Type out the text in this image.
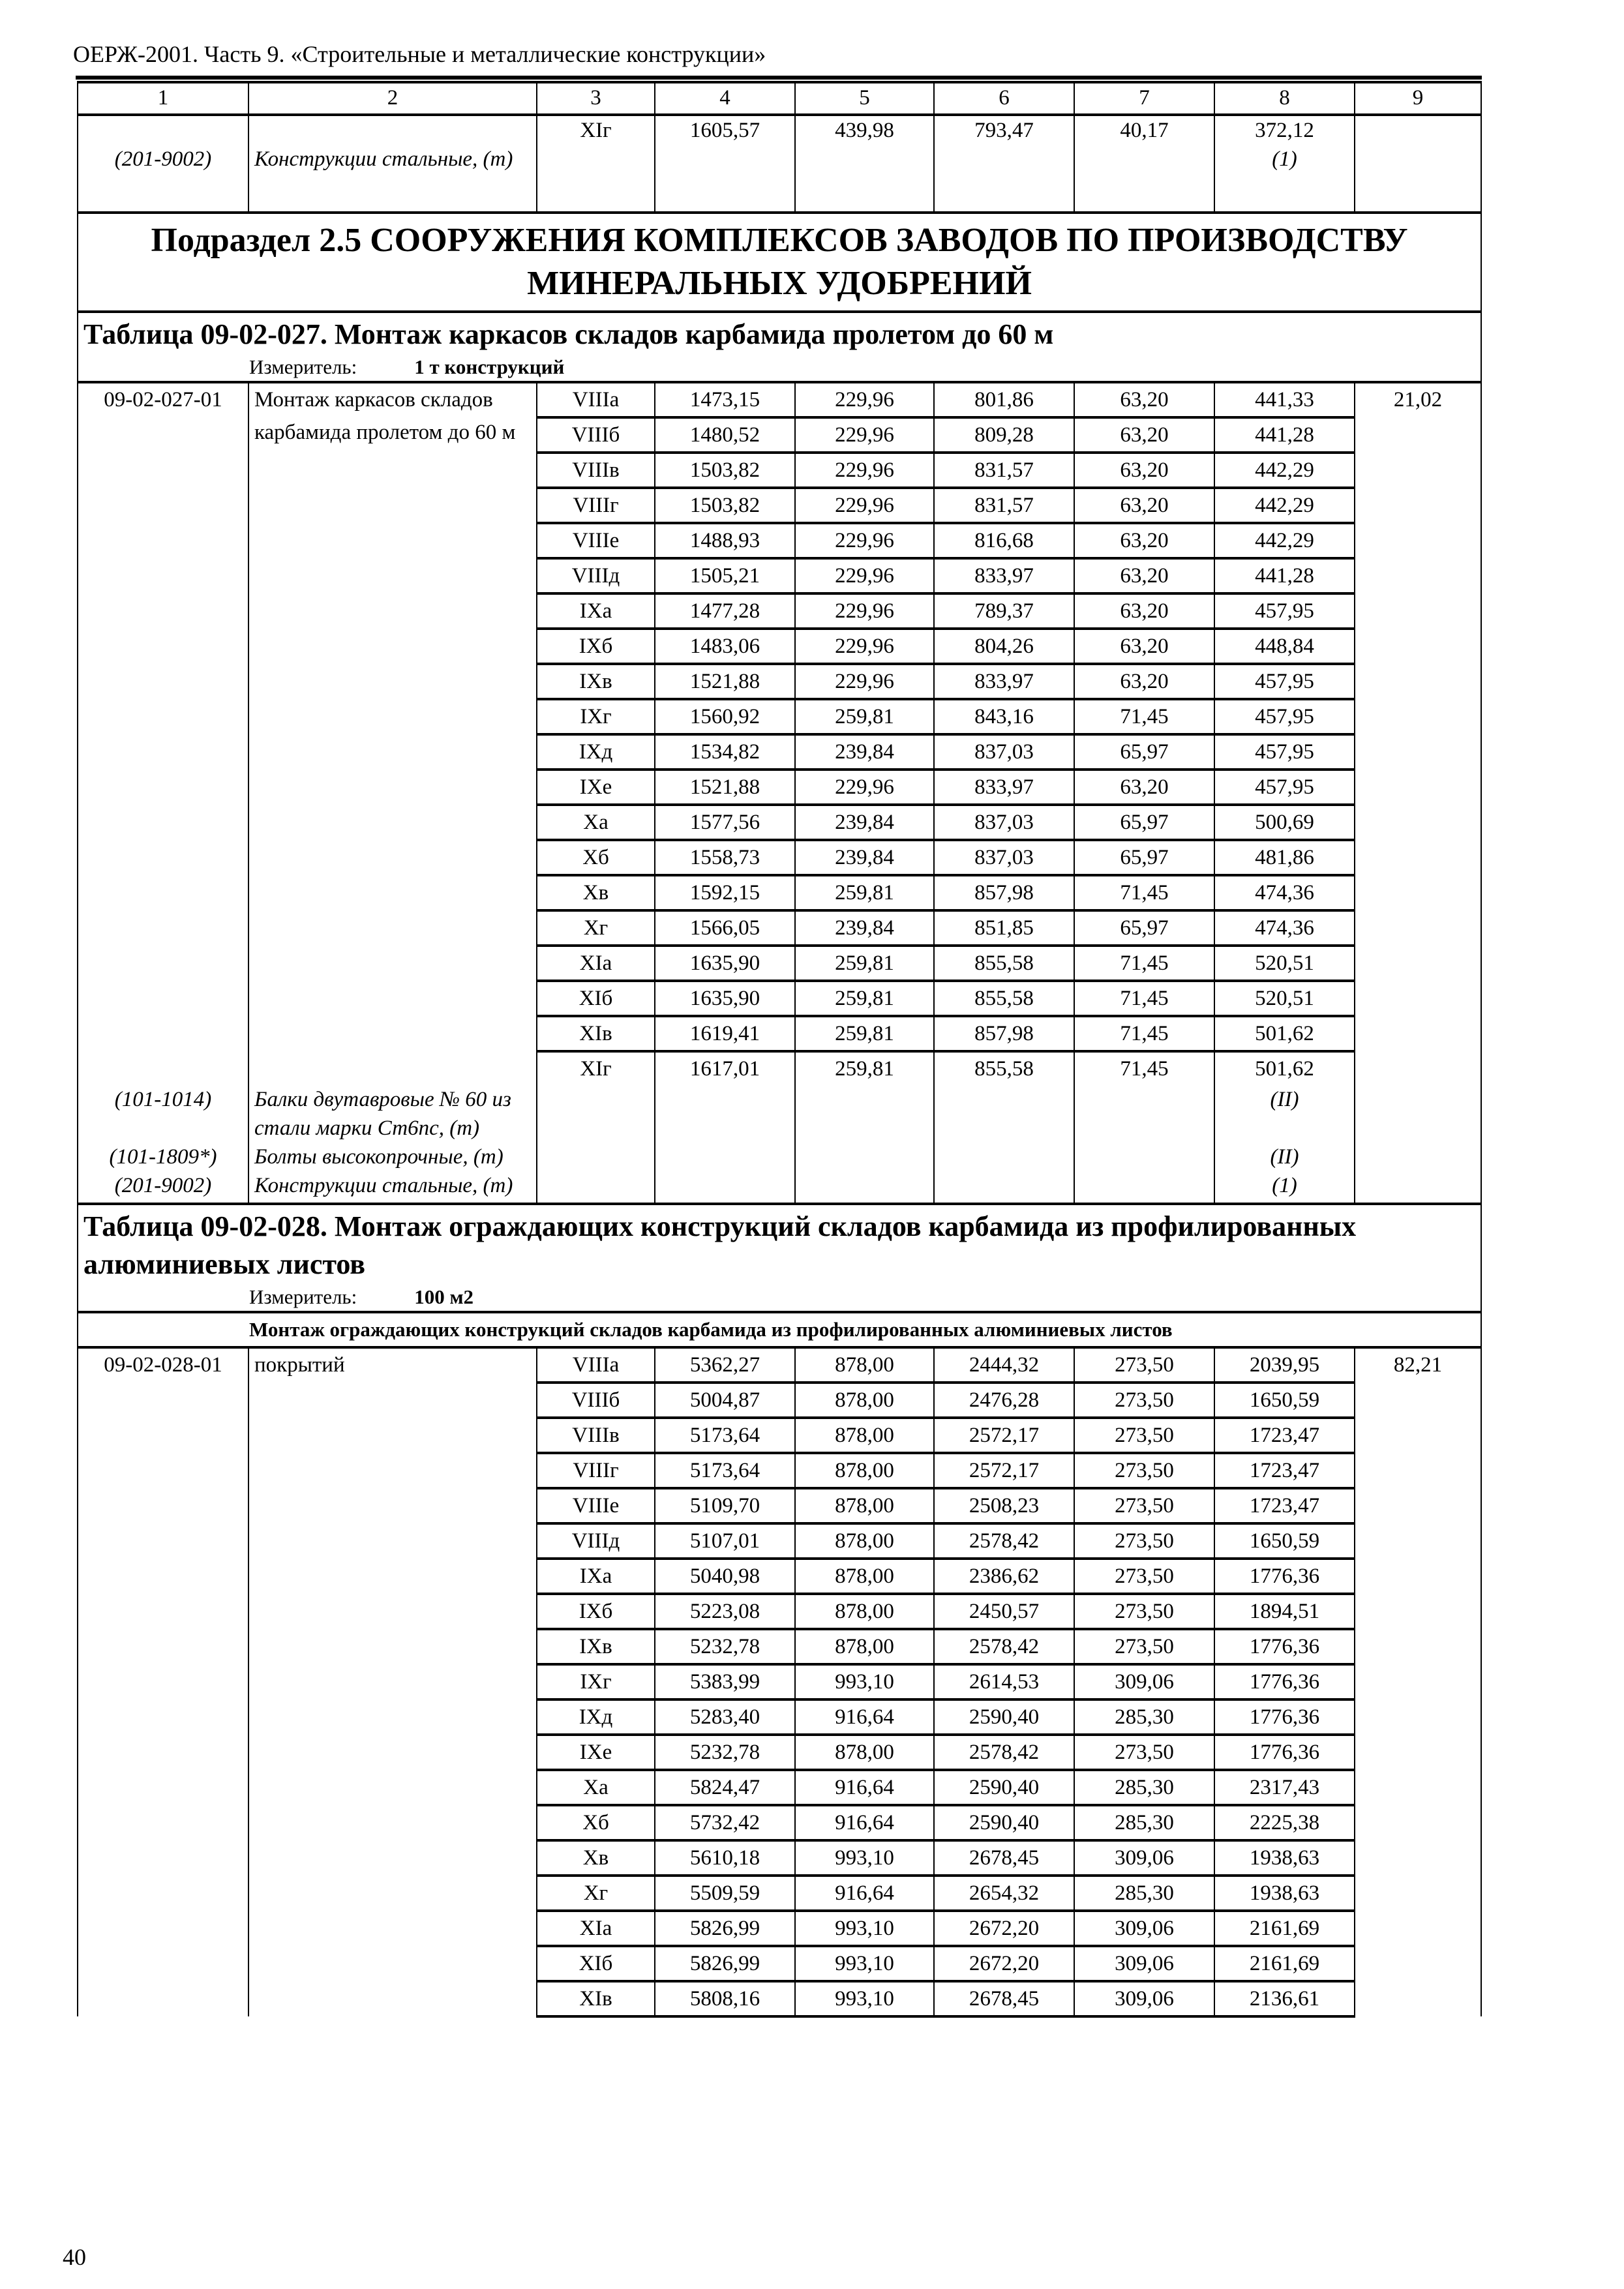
ОЕРЖ-2001. Часть 9. «Строительные и металлические конструкции»
1	2	3	4	5	6	7	8	9
(201-9002)	Конструкции стальные, (т)	XIг	1605,57	439,98	793,47	40,17	372,12
(1)	

Подраздел 2.5 СООРУЖЕНИЯ КОМПЛЕКСОВ ЗАВОДОВ ПО ПРОИЗВОДСТВУ МИНЕРАЛЬНЫХ УДОБРЕНИЙ								
Таблица 09-02-027. Монтаж каркасов складов карбамида пролетом до 60 м								
Измеритель: 1 т конструкций								
09-02-027-01	Монтаж каркасов складов карбамида пролетом до 60 м	VIIIа	1473,15	229,96	801,86	63,20	441,33	21,02
		VIIIб	1480,52	229,96	809,28	63,20	441,28	
		VIIIв	1503,82	229,96	831,57	63,20	442,29	
		VIIIг	1503,82	229,96	831,57	63,20	442,29	
		VIIIе	1488,93	229,96	816,68	63,20	442,29	
		VIIIд	1505,21	229,96	833,97	63,20	441,28	
		IXа	1477,28	229,96	789,37	63,20	457,95	
		IXб	1483,06	229,96	804,26	63,20	448,84	
		IXв	1521,88	229,96	833,97	63,20	457,95	
		IXг	1560,92	259,81	843,16	71,45	457,95	
		IXд	1534,82	239,84	837,03	65,97	457,95	
		IXе	1521,88	229,96	833,97	63,20	457,95	
		Xа	1577,56	239,84	837,03	65,97	500,69	
		Xб	1558,73	239,84	837,03	65,97	481,86	
		Xв	1592,15	259,81	857,98	71,45	474,36	
		Xг	1566,05	239,84	851,85	65,97	474,36	
		XIа	1635,90	259,81	855,58	71,45	520,51	
		XIб	1635,90	259,81	855,58	71,45	520,51	
		XIв	1619,41	259,81	857,98	71,45	501,62	
		XIг	1617,01	259,81	855,58	71,45	501,62	
(101-1014)	Балки двутавровые № 60 из стали марки Ст6пс, (т)						(II)	
(101-1809*)	Болты высокопрочные, (т)						(II)	
(201-9002)	Конструкции стальные, (т)						(1)	
Таблица 09-02-028. Монтаж ограждающих конструкций складов карбамида из профилированных алюминиевых листов								
Измеритель: 100 м2								
Монтаж ограждающих конструкций складов карбамида из профилированных алюминиевых листов								
09-02-028-01	покрытий	VIIIа	5362,27	878,00	2444,32	273,50	2039,95	82,21
		VIIIб	5004,87	878,00	2476,28	273,50	1650,59	
		VIIIв	5173,64	878,00	2572,17	273,50	1723,47	
		VIIIг	5173,64	878,00	2572,17	273,50	1723,47	
		VIIIе	5109,70	878,00	2508,23	273,50	1723,47	
		VIIIд	5107,01	878,00	2578,42	273,50	1650,59	
		IXа	5040,98	878,00	2386,62	273,50	1776,36	
		IXб	5223,08	878,00	2450,57	273,50	1894,51	
		IXв	5232,78	878,00	2578,42	273,50	1776,36	
		IXг	5383,99	993,10	2614,53	309,06	1776,36	
		IXд	5283,40	916,64	2590,40	285,30	1776,36	
		IXе	5232,78	878,00	2578,42	273,50	1776,36	
		Xа	5824,47	916,64	2590,40	285,30	2317,43	
		Xб	5732,42	916,64	2590,40	285,30	2225,38	
		Xв	5610,18	993,10	2678,45	309,06	1938,63	
		Xг	5509,59	916,64	2654,32	285,30	1938,63	
		XIа	5826,99	993,10	2672,20	309,06	2161,69	
		XIб	5826,99	993,10	2672,20	309,06	2161,69	
		XIв	5808,16	993,10	2678,45	309,06	2136,61	
40
